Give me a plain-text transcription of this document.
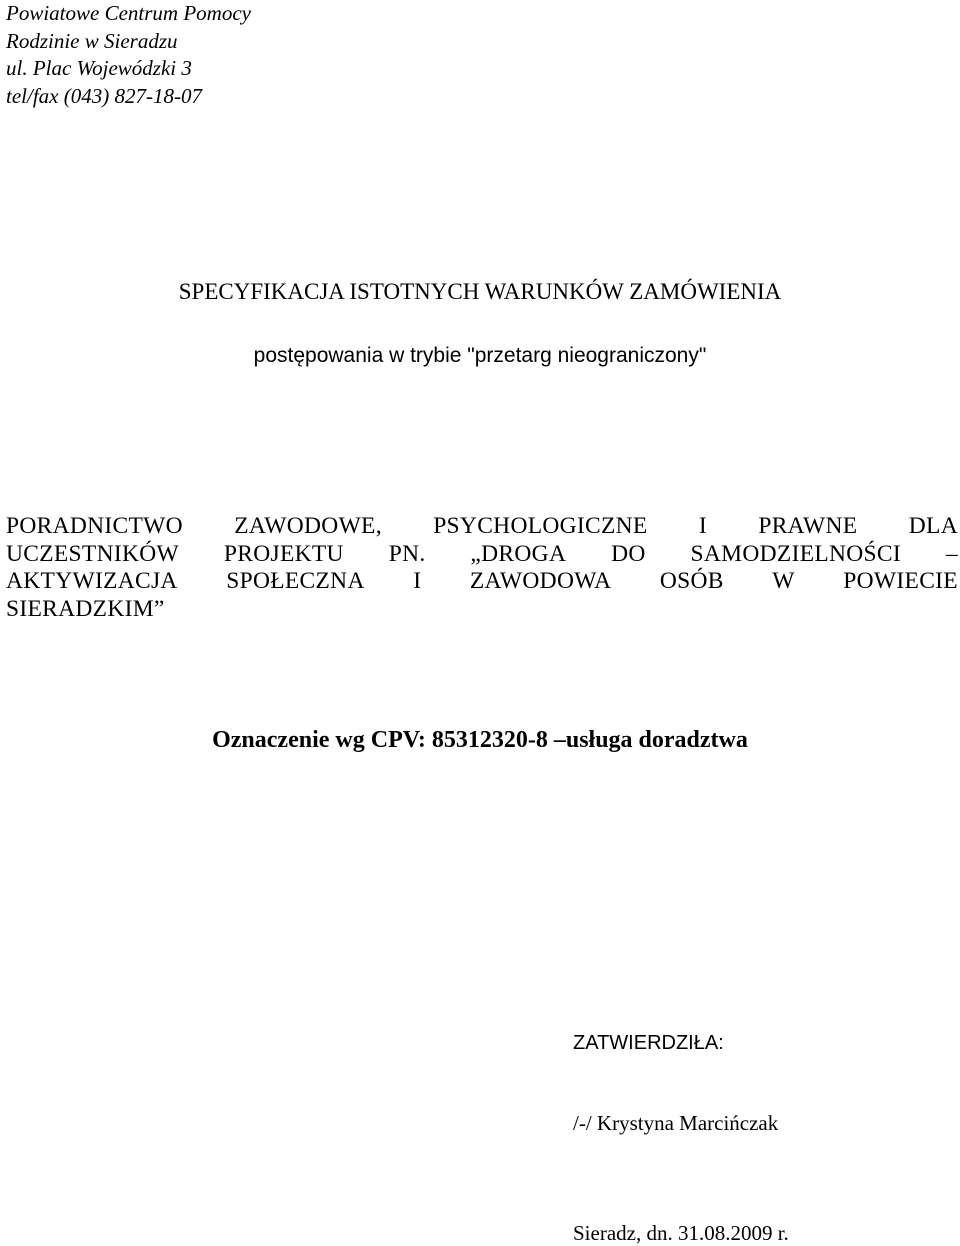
Powiatowe Centrum Pomocy
Rodzinie w Sieradzu
ul. Plac Wojewódzki 3
tel/fax (043) 827-18-07
SPECYFIKACJA ISTOTNYCH WARUNKÓW ZAMÓWIENIA
postępowania w trybie "przetarg nieograniczony"
PORADNICTWO ZAWODOWE, PSYCHOLOGICZNE I PRAWNE DLA
UCZESTNIKÓW PROJEKTU PN. „DROGA DO SAMODZIELNOŚCI –
AKTYWIZACJA SPOŁECZNA I ZAWODOWA OSÓB W POWIECIE
SIERADZKIM”
Oznaczenie wg CPV: 85312320-8 –usługa doradztwa
ZATWIERDZIŁA:
/-/ Krystyna Marcińczak
Sieradz, dn. 31.08.2009 r.
